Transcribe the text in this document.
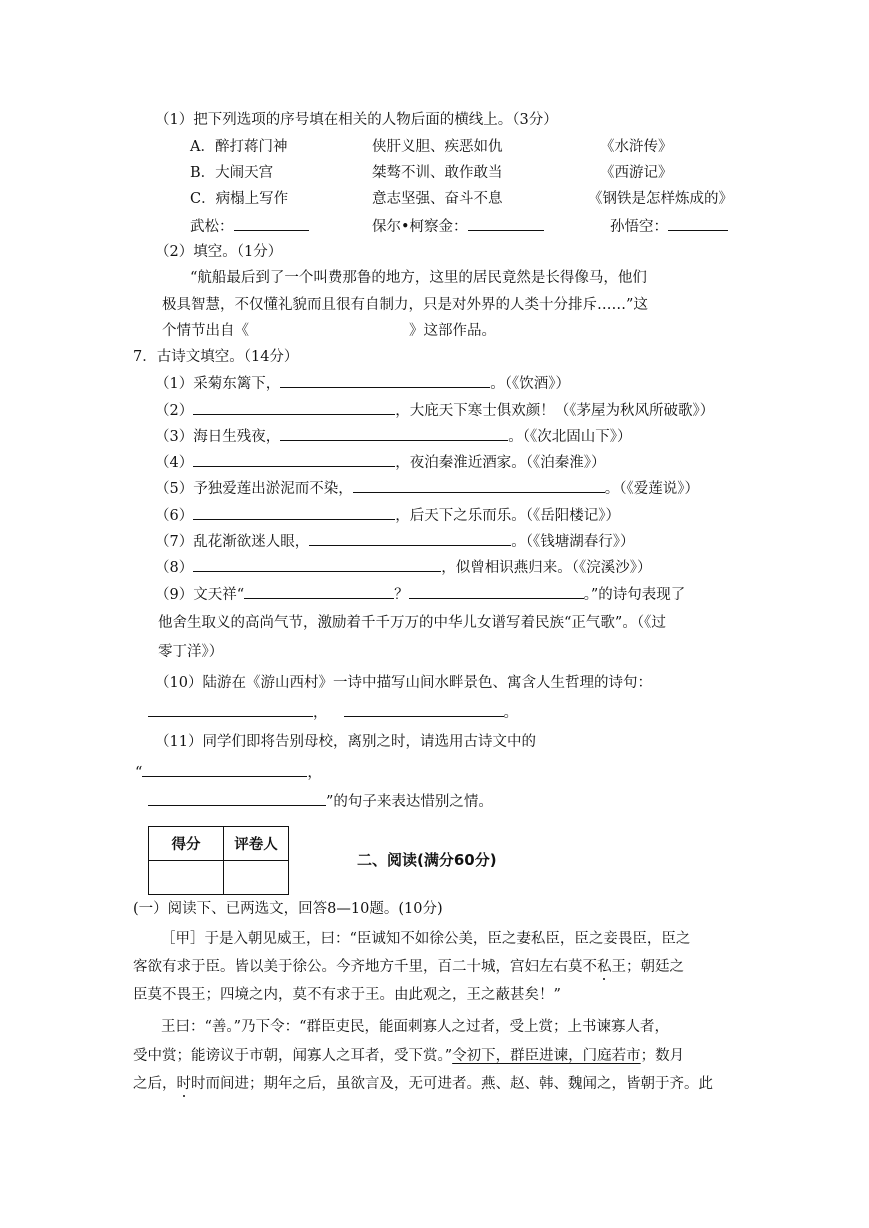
（1）把下列选项的序号填在相关的人物后面的横线上。（3分）
A．醉打蒋门神	侠肝义胆、疾恶如仇	《水浒传》
B．大闹天宫	桀骜不训、敢作敢当	《西游记》
C．病榻上写作	意志坚强、奋斗不息	《钢铁是怎样炼成的》
武松：	保尔•柯察金：	孙悟空：
（2）填空。（1分）
“航船最后到了一个叫费那鲁的地方，这里的居民竟然是长得像马，他们
极具智慧，不仅懂礼貌而且很有自制力，只是对外界的人类十分排斥……”这
个情节出自《	》这部作品。
7．古诗文填空。（14分）
（1）采菊东篱下，	。（《饮酒》）
（2）	，大庇天下寒士俱欢颜！（《茅屋为秋风所破歌》）
（3）海日生残夜，	。（《次北固山下》）
（4）	，夜泊秦淮近酒家。（《泊秦淮》）
（5）予独爱莲出淤泥而不染，	。（《爱莲说》）
（6）	，后天下之乐而乐。（《岳阳楼记》）
（7）乱花渐欲迷人眼，	。（《钱塘湖春行》）
（8）	，似曾相识燕归来。（《浣溪沙》）
（9）文天祥“	？	。”的诗句表现了
他舍生取义的高尚气节，激励着千千万万的中华儿女谱写着民族“正气歌”。（《过
零丁洋》）
（10）陆游在《游山西村》一诗中描写山间水畔景色、寓含人生哲理的诗句：
，	。
（11）同学们即将告别母校，离别之时，请选用古诗文中的
“	，
”的句子来表达惜别之情。
得分	评卷人

二、阅读(满分60分)
(一）阅读下、已两选文，回答8—10题。(10分)
［甲］于是入朝见威王，曰：“臣诚知不如徐公美，臣之妻私臣，臣之妾畏臣，臣之
客欲有求于臣。皆以美于徐公。今齐地方千里，百二十城，宫妇左右莫不私王；朝廷之
臣莫不畏王；四境之内，莫不有求于王。由此观之，王之蔽甚矣！”
王曰：“善。”乃下令：“群臣吏民，能面刺寡人之过者，受上赏；上书谏寡人者，
受中赏；能谤议于市朝，闻寡人之耳者，受下赏。”令初下，群臣进谏，门庭若市；数月
之后，时时而间进；期年之后，虽欲言及，无可进者。燕、赵、韩、魏闻之，皆朝于齐。此
